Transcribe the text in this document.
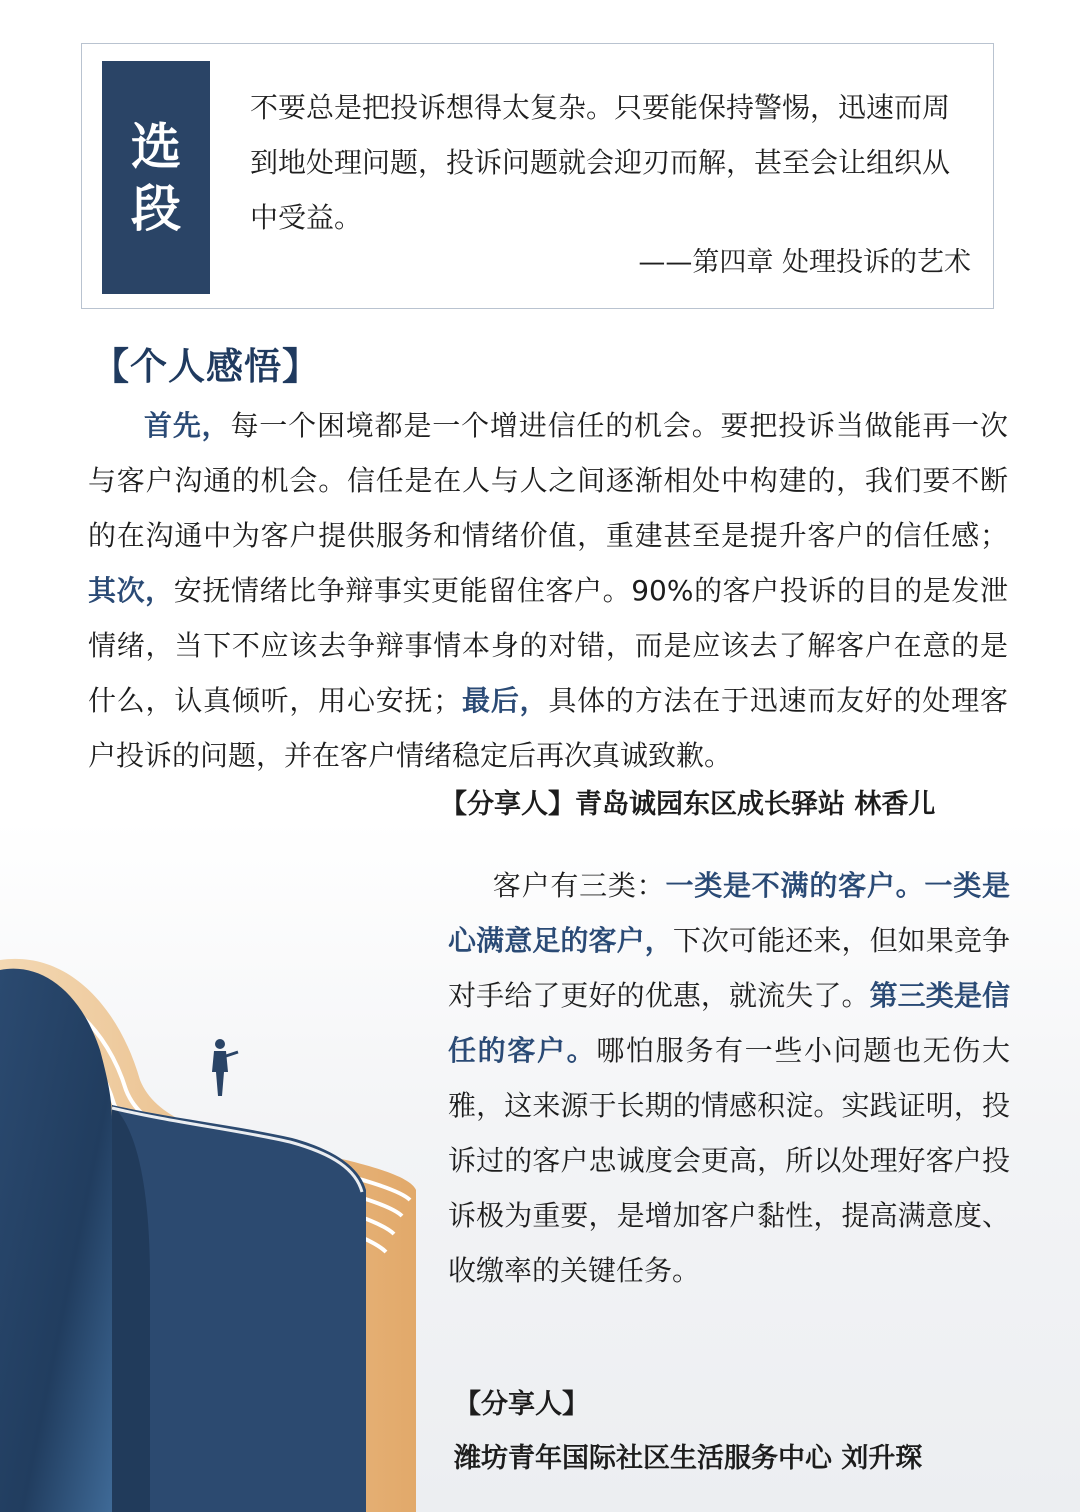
选
段
不要总是把投诉想得太复杂。只要能保持警惕，迅速而周到地处理问题，投诉问题就会迎刃而解，甚至会让组织从中受益。
——第四章 处理投诉的艺术
【个人感悟】
首先，每一个困境都是一个增进信任的机会。要把投诉当做能再一次与客户沟通的机会。信任是在人与人之间逐渐相处中构建的，我们要不断的在沟通中为客户提供服务和情绪价值，重建甚至是提升客户的信任感；其次，安抚情绪比争辩事实更能留住客户。90%的客户投诉的目的是发泄情绪，当下不应该去争辩事情本身的对错，而是应该去了解客户在意的是什么，认真倾听，用心安抚；最后，具体的方法在于迅速而友好的处理客户投诉的问题，并在客户情绪稳定后再次真诚致歉。
【分享人】青岛诚园东区成长驿站 林香儿
客户有三类：一类是不满的客户。一类是心满意足的客户，下次可能还来，但如果竞争对手给了更好的优惠，就流失了。第三类是信任的客户。哪怕服务有一些小问题也无伤大雅，这来源于长期的情感积淀。实践证明，投诉过的客户忠诚度会更高，所以处理好客户投诉极为重要，是增加客户黏性，提高满意度、收缴率的关键任务。
【分享人】
潍坊青年国际社区生活服务中心 刘升琛
